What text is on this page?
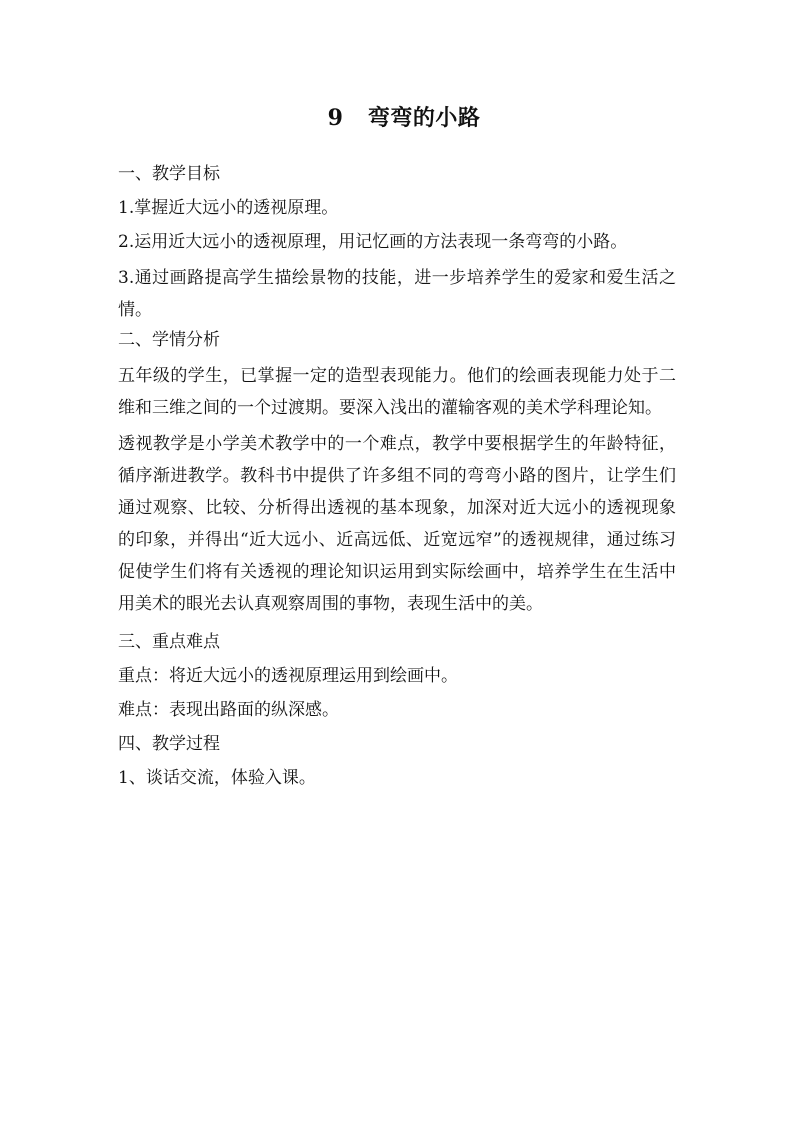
9   弯弯的小路
一、教学目标
1.掌握近大远小的透视原理。
2.运用近大远小的透视原理，用记忆画的方法表现一条弯弯的小路。
3.通过画路提高学生描绘景物的技能，进一步培养学生的爱家和爱生活之情。
二、学情分析
五年级的学生，已掌握一定的造型表现能力。他们的绘画表现能力处于二维和三维之间的一个过渡期。要深入浅出的灌输客观的美术学科理论知。
透视教学是小学美术教学中的一个难点，教学中要根据学生的年龄特征，循序渐进教学。教科书中提供了许多组不同的弯弯小路的图片，让学生们通过观察、比较、分析得出透视的基本现象，加深对近大远小的透视现象的印象，并得出“近大远小、近高远低、近宽远窄”的透视规律，通过练习促使学生们将有关透视的理论知识运用到实际绘画中，培养学生在生活中用美术的眼光去认真观察周围的事物，表现生活中的美。
三、重点难点
重点：将近大远小的透视原理运用到绘画中。
难点：表现出路面的纵深感。
四、教学过程
1、谈话交流，体验入课。
